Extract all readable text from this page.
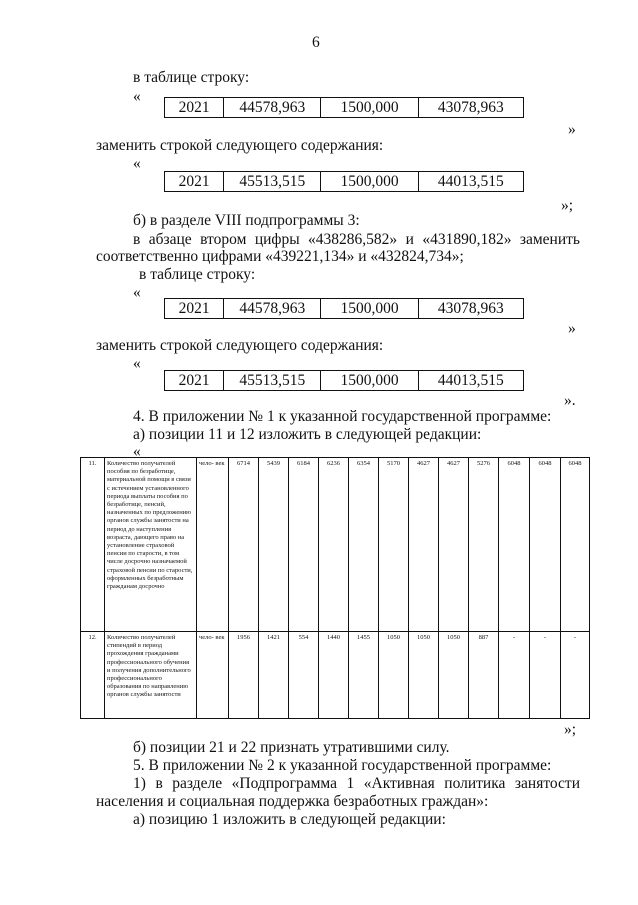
6
в таблице строку:
«
2021	44578,963	1500,000	43078,963
»
заменить строкой следующего содержания:
«
2021	45513,515	1500,000	44013,515
»;
б) в разделе VIII подпрограммы 3:
в абзаце втором цифры «438286,582» и «431890,182» заменить
соответственно цифрами «439221,134» и «432824,734»;
в таблице строку:
«
2021	44578,963	1500,000	43078,963
»
заменить строкой следующего содержания:
«
2021	45513,515	1500,000	44013,515
».
4. В приложении № 1 к указанной государственной программе:
а) позиции 11 и 12 изложить в следующей редакции:
«
11.	Количество получателей пособия по безработице, материальной помощи в связи с истечением установленного периода выплаты пособия по безработице, пенсий, назначенных по предложению органов службы занятости на период до наступления возраста, дающего право на установление страховой пенсии по старости, в том числе досрочно назначаемой страховой пенсии по старости, оформленных безработным гражданам досрочно	чело- век	6714	5439	6184	6236	6354	5170	4627	4627	5276	6048	6048	6048
12.	Количество получателей стипендий в период прохождения гражданами профессионального обучения и получения дополнительного профессионального образования по направлению органов службы занятости	чело- век	1956	1421	554	1440	1455	1050	1050	1050	887	-	-	-
»;
б) позиции 21 и 22 признать утратившими силу.
5. В приложении № 2 к указанной государственной программе:
1) в разделе «Подпрограмма 1 «Активная политика занятости
населения и социальная поддержка безработных граждан»:
а) позицию 1 изложить в следующей редакции:
